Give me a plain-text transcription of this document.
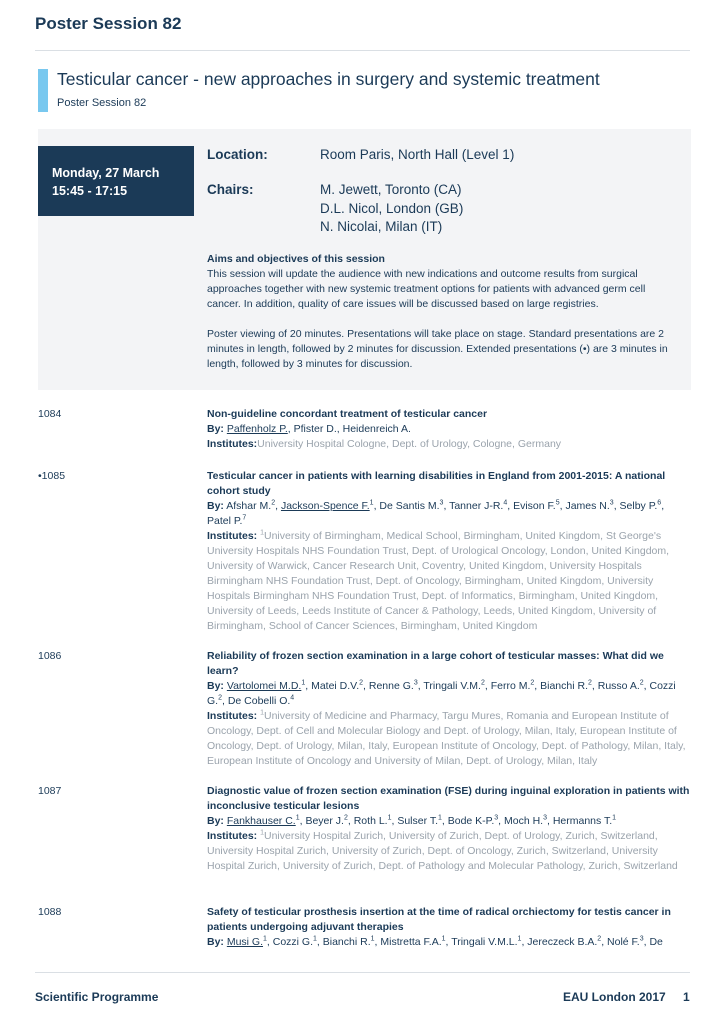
Poster Session 82
Testicular cancer - new approaches in surgery and systemic treatment
Poster Session 82
Monday, 27 March
15:45 - 17:15
Location:	Room Paris, North Hall (Level 1)
Chairs:	M. Jewett, Toronto (CA)
D.L. Nicol, London (GB)
N. Nicolai, Milan (IT)

Aims and objectives of this session
This session will update the audience with new indications and outcome results from surgical approaches together with new systemic treatment options for patients with advanced germ cell cancer. In addition, quality of care issues will be discussed based on large registries.

Poster viewing of 20 minutes. Presentations will take place on stage. Standard presentations are 2 minutes in length, followed by 2 minutes for discussion. Extended presentations (•) are 3 minutes in length, followed by 3 minutes for discussion.

1084	Non-guideline concordant treatment of testicular cancer
By: Paffenholz P., Pfister D., Heidenreich A.
Institutes:University Hospital Cologne, Dept. of Urology, Cologne, Germany
•1085	Testicular cancer in patients with learning disabilities in England from 2001-2015: A national cohort study
By: Afshar M.$^2$, Jackson-Spence F.$^1$, De Santis M.$^3$, Tanner J-R.$^4$, Evison F.$^5$, James N.$^3$, Selby P.$^6$, Patel P.$^7$
Institutes: $^1$University of Birmingham, Medical School, Birmingham, United Kingdom, St George's University Hospitals NHS Foundation Trust, Dept. of Urological Oncology, London, United Kingdom, University of Warwick, Cancer Research Unit, Coventry, United Kingdom, University Hospitals Birmingham NHS Foundation Trust, Dept. of Oncology, Birmingham, United Kingdom, University Hospitals Birmingham NHS Foundation Trust, Dept. of Informatics, Birmingham, United Kingdom, University of Leeds, Leeds Institute of Cancer & Pathology, Leeds, United Kingdom, University of Birmingham, School of Cancer Sciences, Birmingham, United Kingdom
1086	Reliability of frozen section examination in a large cohort of testicular masses: What did we learn?
By: Vartolomei M.D.$^1$, Matei D.V.$^2$, Renne G.$^3$, Tringali V.M.$^2$, Ferro M.$^2$, Bianchi R.$^2$, Russo A.$^2$, Cozzi G.$^2$, De Cobelli O.$^4$
Institutes: $^1$University of Medicine and Pharmacy, Targu Mures, Romania and European Institute of Oncology, Dept. of Cell and Molecular Biology and Dept. of Urology, Milan, Italy, European Institute of Oncology, Dept. of Urology, Milan, Italy, European Institute of Oncology, Dept. of Pathology, Milan, Italy, European Institute of Oncology and University of Milan, Dept. of Urology, Milan, Italy
1087	Diagnostic value of frozen section examination (FSE) during inguinal exploration in patients with inconclusive testicular lesions
By: Fankhauser C.$^1$, Beyer J.$^2$, Roth L.$^1$, Sulser T.$^1$, Bode K-P.$^3$, Moch H.$^3$, Hermanns T.$^1$
Institutes: $^1$University Hospital Zurich, University of Zurich, Dept. of Urology, Zurich, Switzerland, University Hospital Zurich, University of Zurich, Dept. of Oncology, Zurich, Switzerland, University Hospital Zurich, University of Zurich, Dept. of Pathology and Molecular Pathology, Zurich, Switzerland
1088	Safety of testicular prosthesis insertion at the time of radical orchiectomy for testis cancer in patients undergoing adjuvant therapies
By: Musi G.$^1$, Cozzi G.$^1$, Bianchi R.$^1$, Mistretta F.A.$^1$, Tringali V.M.L.$^1$, Jereczeck B.A.$^2$, Nolé F.$^3$, De
Scientific Programme	EAU London 2017 1
